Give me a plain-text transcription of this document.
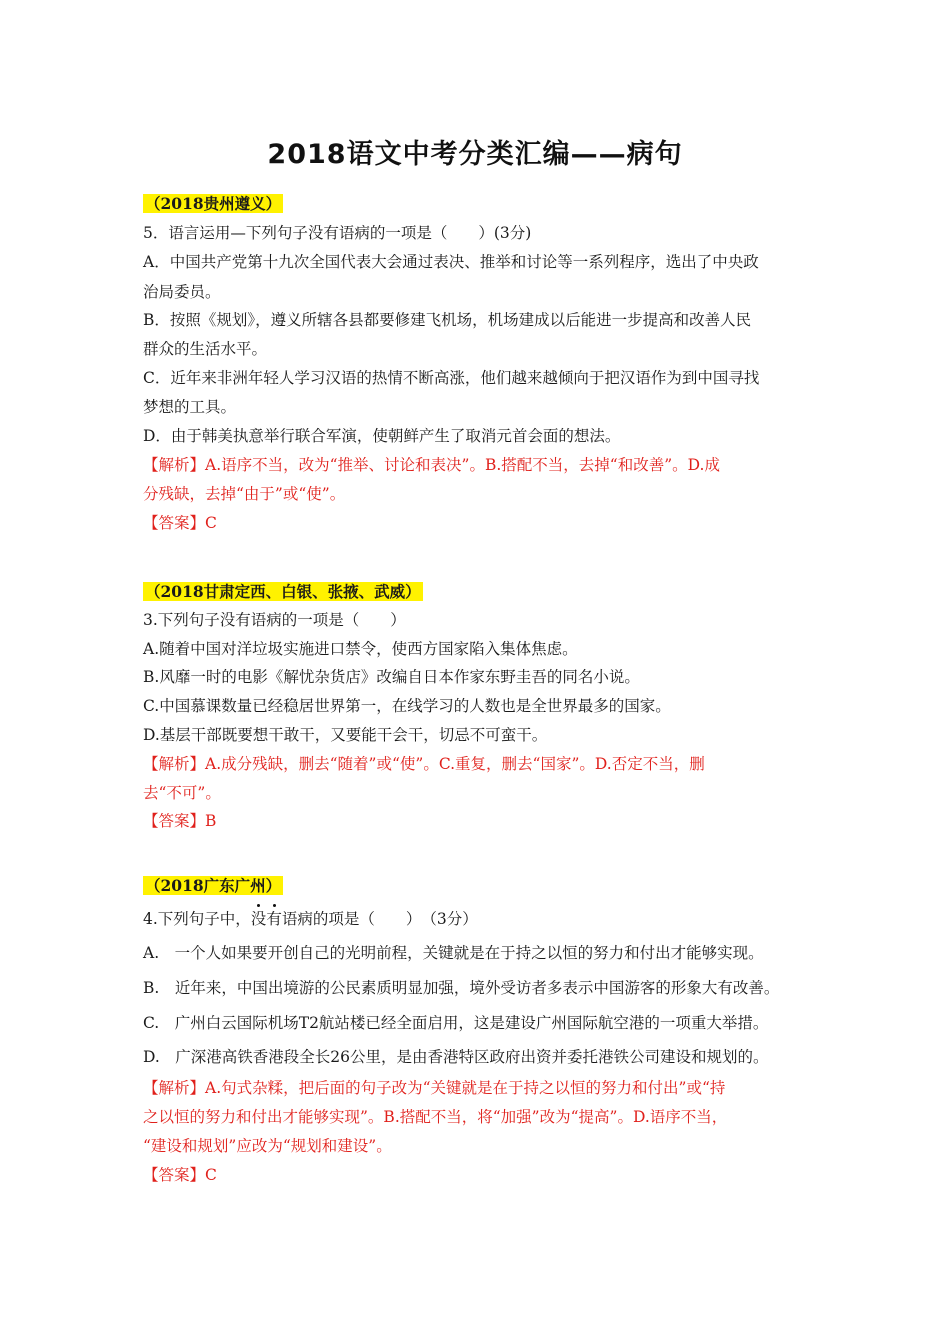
2018语文中考分类汇编——病句
（2018贵州遵义）
5．语言运用—下列句子没有语病的一项是（　　）(3分)
A．中国共产党第十九次全国代表大会通过表决、推举和讨论等一系列程序，选出了中央政
治局委员。
B．按照《规划》，遵义所辖各县都要修建飞机场，机场建成以后能进一步提高和改善人民
群众的生活水平。
C．近年来非洲年轻人学习汉语的热情不断高涨，他们越来越倾向于把汉语作为到中国寻找
梦想的工具。
D．由于韩美执意举行联合军演，使朝鲜产生了取消元首会面的想法。
【解析】A.语序不当，改为“推举、讨论和表决”。B.搭配不当，去掉“和改善”。D.成
分残缺，去掉“由于”或“使”。
【答案】C
（2018甘肃定西、白银、张掖、武威）
3.下列句子没有语病的一项是（　　）
A.随着中国对洋垃圾实施进口禁令，使西方国家陷入集体焦虑。
B.风靡一时的电影《解忧杂货店》改编自日本作家东野圭吾的同名小说。
C.中国慕课数量已经稳居世界第一，在线学习的人数也是全世界最多的国家。
D.基层干部既要想干敢干，又要能干会干，切忌不可蛮干。
【解析】A.成分残缺，删去“随着”或“使”。C.重复，删去“国家”。D.否定不当，删
去“不可”。
【答案】B
（2018广东广州）
4.下列句子中，没有语病的项是（　　）　（3分）
A.　一个人如果要开创自己的光明前程，关键就是在于持之以恒的努力和付出才能够实现。
B.　近年来，中国出境游的公民素质明显加强，境外受访者多表示中国游客的形象大有改善。
C.　广州白云国际机场T2航站楼已经全面启用，这是建设广州国际航空港的一项重大举措。
D.　广深港高铁香港段全长26公里，是由香港特区政府出资并委托港铁公司建设和规划的。
【解析】A.句式杂糅，把后面的句子改为“关键就是在于持之以恒的努力和付出”或“持
之以恒的努力和付出才能够实现”。B.搭配不当，将“加强”改为“提高”。D.语序不当，
“建设和规划”应改为“规划和建设”。
【答案】C
